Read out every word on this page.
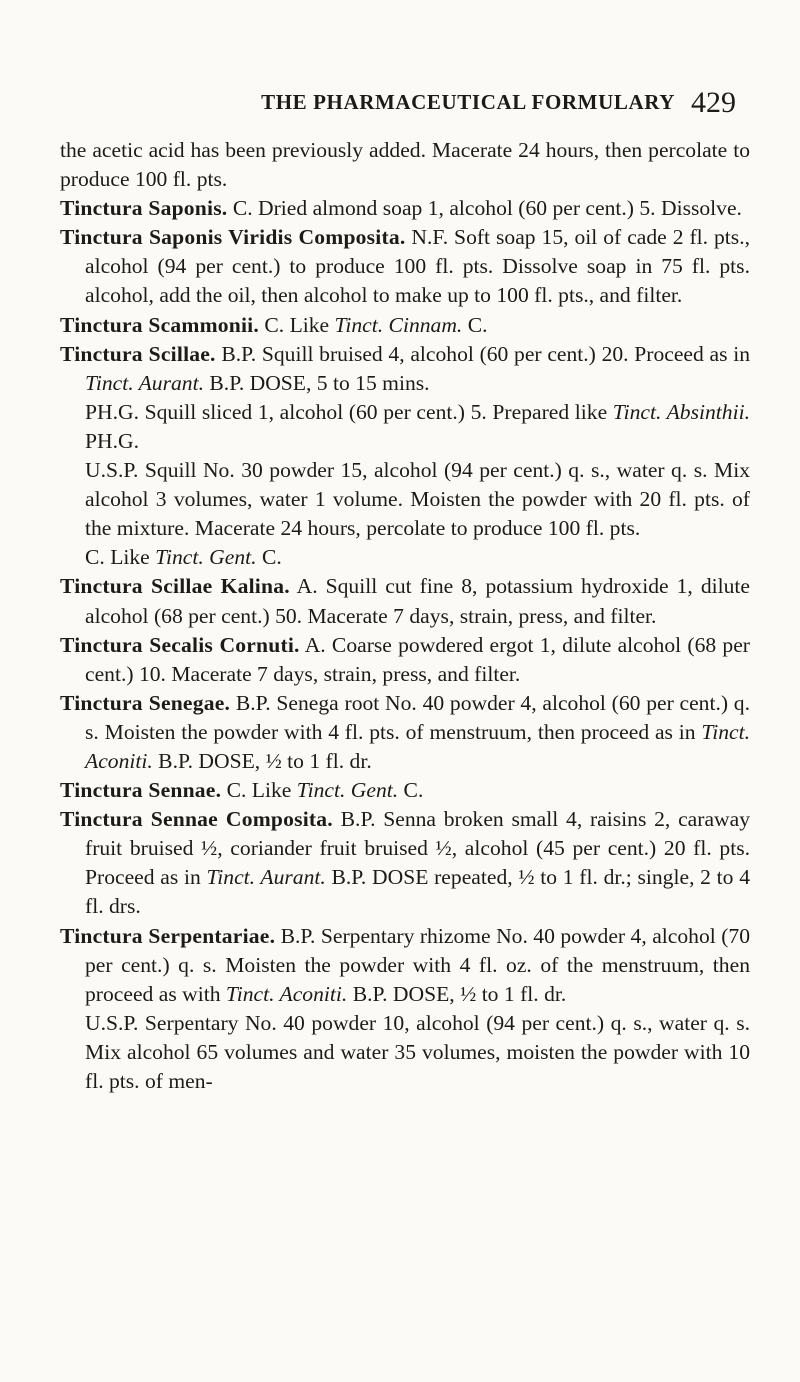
THE PHARMACEUTICAL FORMULARY 429

the acetic acid has been previously added. Macerate 24 hours, then percolate to produce 100 fl. pts.

Tinctura Saponis. C. Dried almond soap 1, alcohol (60 per cent.) 5. Dissolve.

Tinctura Saponis Viridis Composita. N.F. Soft soap 15, oil of cade 2 fl. pts., alcohol (94 per cent.) to produce 100 fl. pts. Dissolve soap in 75 fl. pts. alcohol, add the oil, then alcohol to make up to 100 fl. pts., and filter.

Tinctura Scammonii. C. Like Tinct. Cinnam. C.

Tinctura Scillae. B.P. Squill bruised 4, alcohol (60 per cent.) 20. Proceed as in Tinct. Aurant. B.P. DOSE, 5 to 15 mins.

PH.G. Squill sliced 1, alcohol (60 per cent.) 5. Prepared like Tinct. Absinthii. PH.G.

U.S.P. Squill No. 30 powder 15, alcohol (94 per cent.) q. s., water q. s. Mix alcohol 3 volumes, water 1 volume. Moisten the powder with 20 fl. pts. of the mixture. Macerate 24 hours, percolate to produce 100 fl. pts.

C. Like Tinct. Gent. C.

Tinctura Scillae Kalina. A. Squill cut fine 8, potassium hydroxide 1, dilute alcohol (68 per cent.) 50. Macerate 7 days, strain, press, and filter.

Tinctura Secalis Cornuti. A. Coarse powdered ergot 1, dilute alcohol (68 per cent.) 10. Macerate 7 days, strain, press, and filter.

Tinctura Senegae. B.P. Senega root No. 40 powder 4, alcohol (60 per cent.) q. s. Moisten the powder with 4 fl. pts. of menstruum, then proceed as in Tinct. Aconiti. B.P. DOSE, ½ to 1 fl. dr.

Tinctura Sennae. C. Like Tinct. Gent. C.

Tinctura Sennae Composita. B.P. Senna broken small 4, raisins 2, caraway fruit bruised ½, coriander fruit bruised ½, alcohol (45 per cent.) 20 fl. pts. Proceed as in Tinct. Aurant. B.P. DOSE repeated, ½ to 1 fl. dr.; single, 2 to 4 fl. drs.

Tinctura Serpentariae. B.P. Serpentary rhizome No. 40 powder 4, alcohol (70 per cent.) q. s. Moisten the powder with 4 fl. oz. of the menstruum, then proceed as with Tinct. Aconiti. B.P. DOSE, ½ to 1 fl. dr.

U.S.P. Serpentary No. 40 powder 10, alcohol (94 per cent.) q. s., water q. s. Mix alcohol 65 volumes and water 35 volumes, moisten the powder with 10 fl. pts. of men-
